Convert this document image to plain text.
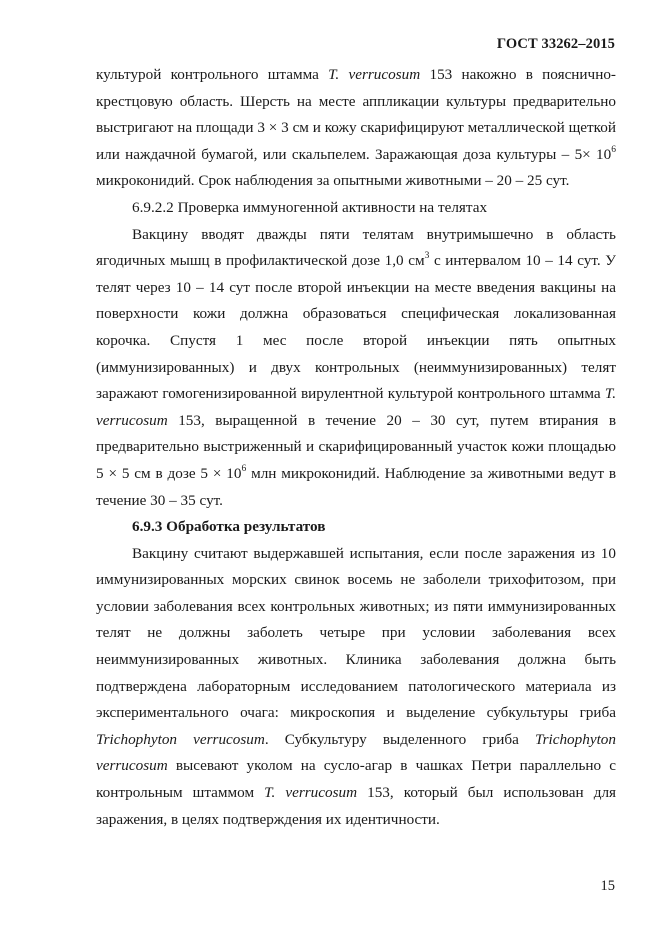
ГОСТ 33262–2015

культурой контрольного штамма T. verrucosum 153 накожно в пояснично-крестцовую область. Шерсть на месте аппликации культуры предварительно выстригают на площади 3 × 3 см и кожу скарифицируют металлической щеткой или наждачной бумагой, или скальпелем. Заражающая доза культуры – $5\times 10^6$ микроконидий. Срок наблюдения за опытными животными – 20 – 25 сут.

6.9.2.2 Проверка иммуногенной активности на телятах

Вакцину вводят дважды пяти телятам внутримышечно в область ягодичных мышц в профилактической дозе 1,0 $см^3$ с интервалом 10 – 14 сут. У телят через 10 – 14 сут после второй инъекции на месте введения вакцины на поверхности кожи должна образоваться специфическая локализованная корочка. Спустя 1 мес после второй инъекции пять опытных (иммунизированных) и двух контрольных (неиммунизированных) телят заражают гомогенизированной вирулентной культурой контрольного штамма T. verrucosum 153, выращенной в течение 20 – 30 сут, путем втирания в предварительно выстриженный и скарифицированный участок кожи площадью 5 × 5 см в дозе $5 \times 10^6$ млн микроконидий. Наблюдение за животными ведут в течение 30 – 35 сут.

6.9.3 Обработка результатов

Вакцину считают выдержавшей испытания, если после заражения из 10 иммунизированных морских свинок восемь не заболели трихофитозом, при условии заболевания всех контрольных животных; из пяти иммунизированных телят не должны заболеть четыре при условии заболевания всех неиммунизированных животных. Клиника заболевания должна быть подтверждена лабораторным исследованием патологического материала из экспериментального очага: микроскопия и выделение субкультуры гриба Trichophyton verrucosum. Субкультуру выделенного гриба Trichophyton verrucosum высевают уколом на сусло-агар в чашках Петри параллельно с контрольным штаммом T. verrucosum 153, который был использован для заражения, в целях подтверждения их идентичности.

15
